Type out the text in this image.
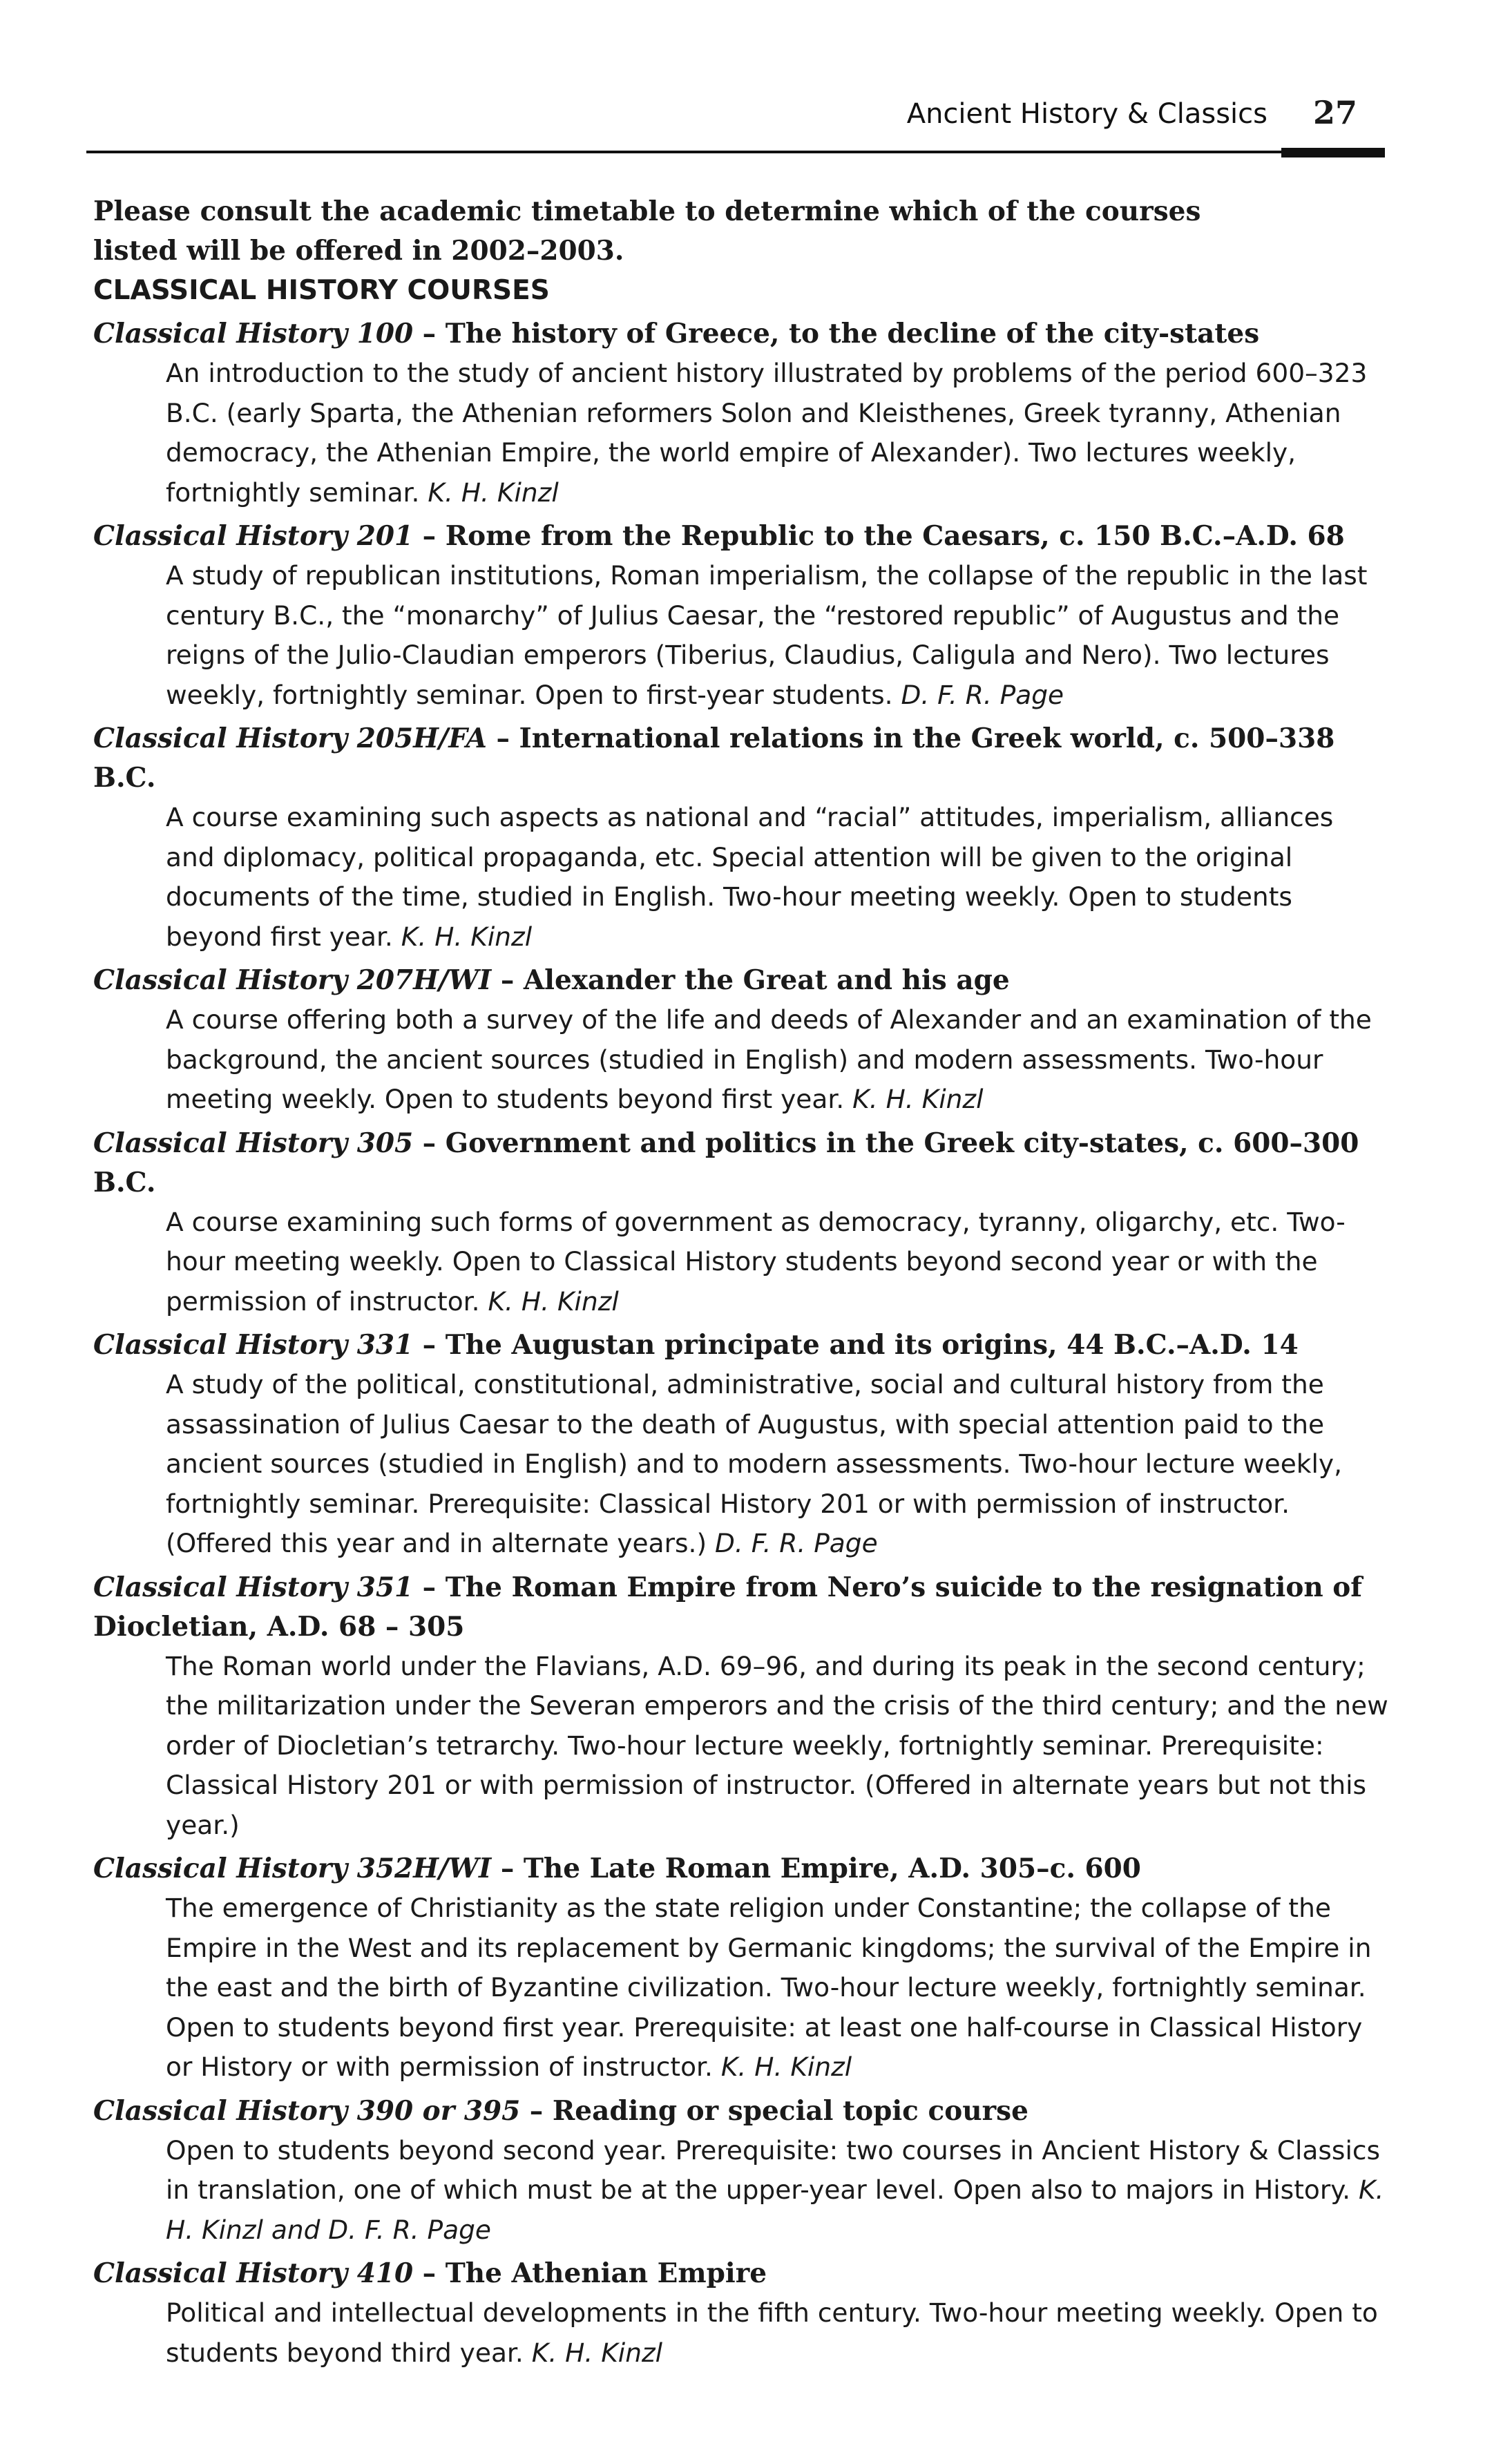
Ancient History & Classics 27
Please consult the academic timetable to determine which of the courses listed will be offered in 2002–2003.
CLASSICAL HISTORY COURSES
Classical History 100 – The history of Greece, to the decline of the city-states
An introduction to the study of ancient history illustrated by problems of the period 600–323 B.C. (early Sparta, the Athenian reformers Solon and Kleisthenes, Greek tyranny, Athenian democracy, the Athenian Empire, the world empire of Alexander). Two lectures weekly, fortnightly seminar. K. H. Kinzl
Classical History 201 – Rome from the Republic to the Caesars, c. 150 B.C.–A.D. 68
A study of republican institutions, Roman imperialism, the collapse of the republic in the last century B.C., the “monarchy” of Julius Caesar, the “restored republic” of Augustus and the reigns of the Julio-Claudian emperors (Tiberius, Claudius, Caligula and Nero). Two lectures weekly, fortnightly seminar. Open to first-year students. D. F. R. Page
Classical History 205H/FA – International relations in the Greek world, c. 500–338 B.C.
A course examining such aspects as national and “racial” attitudes, imperialism, alliances and diplomacy, political propaganda, etc. Special attention will be given to the original documents of the time, studied in English. Two-hour meeting weekly. Open to students beyond first year. K. H. Kinzl
Classical History 207H/WI – Alexander the Great and his age
A course offering both a survey of the life and deeds of Alexander and an examination of the background, the ancient sources (studied in English) and modern assessments. Two-hour meeting weekly. Open to students beyond first year. K. H. Kinzl
Classical History 305 – Government and politics in the Greek city-states, c. 600–300 B.C.
A course examining such forms of government as democracy, tyranny, oligarchy, etc. Two-hour meeting weekly. Open to Classical History students beyond second year or with the permission of instructor. K. H. Kinzl
Classical History 331 – The Augustan principate and its origins, 44 B.C.–A.D. 14
A study of the political, constitutional, administrative, social and cultural history from the assassination of Julius Caesar to the death of Augustus, with special attention paid to the ancient sources (studied in English) and to modern assessments. Two-hour lecture weekly, fortnightly seminar. Prerequisite: Classical History 201 or with permission of instructor. (Offered this year and in alternate years.) D. F. R. Page
Classical History 351 – The Roman Empire from Nero’s suicide to the resignation of Diocletian, A.D. 68 – 305
The Roman world under the Flavians, A.D. 69–96, and during its peak in the second century; the militarization under the Severan emperors and the crisis of the third century; and the new order of Diocletian’s tetrarchy. Two-hour lecture weekly, fortnightly seminar. Prerequisite: Classical History 201 or with permission of instructor. (Offered in alternate years but not this year.)
Classical History 352H/WI – The Late Roman Empire, A.D. 305–c. 600
The emergence of Christianity as the state religion under Constantine; the collapse of the Empire in the West and its replacement by Germanic kingdoms; the survival of the Empire in the east and the birth of Byzantine civilization. Two-hour lecture weekly, fortnightly seminar. Open to students beyond first year. Prerequisite: at least one half-course in Classical History or History or with permission of instructor. K. H. Kinzl
Classical History 390 or 395 – Reading or special topic course
Open to students beyond second year. Prerequisite: two courses in Ancient History & Classics in translation, one of which must be at the upper-year level. Open also to majors in History. K. H. Kinzl and D. F. R. Page
Classical History 410 – The Athenian Empire
Political and intellectual developments in the fifth century. Two-hour meeting weekly. Open to students beyond third year. K. H. Kinzl
